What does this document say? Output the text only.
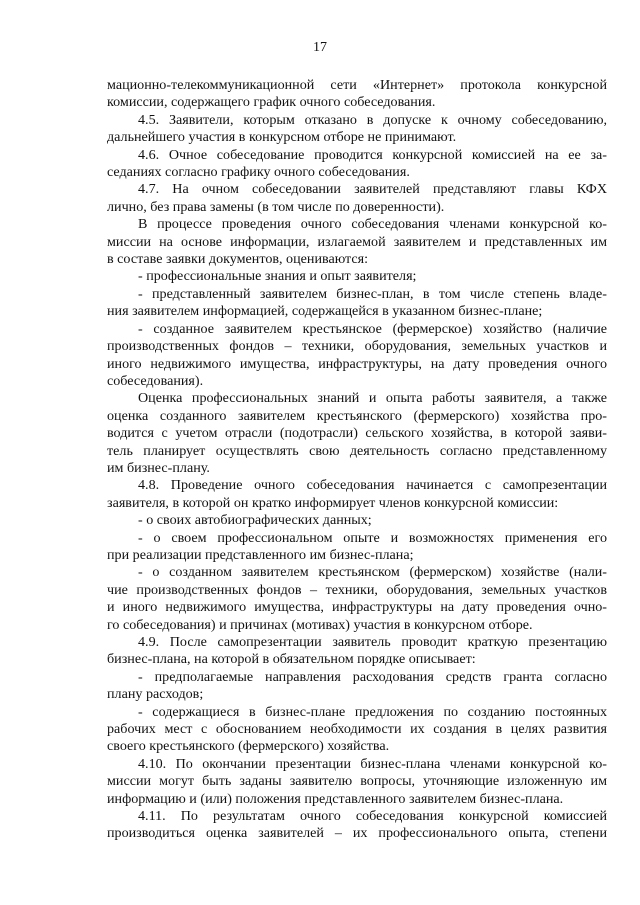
17
мационно-телекоммуникационной сети «Интернет» протокола конкурсной
комиссии, содержащего график очного собеседования.
4.5. Заявители, которым отказано в допуске к очному собеседованию,
дальнейшего участия в конкурсном отборе не принимают.
4.6. Очное собеседование проводится конкурсной комиссией на ее за-
седаниях согласно графику очного собеседования.
4.7. На очном собеседовании заявителей представляют главы КФХ
лично, без права замены (в том числе по доверенности).
В процессе проведения очного собеседования членами конкурсной ко-
миссии на основе информации, излагаемой заявителем и представленных им
в составе заявки документов, оцениваются:
- профессиональные знания и опыт заявителя;
- представленный заявителем бизнес-план, в том числе степень владе-
ния заявителем информацией, содержащейся в указанном бизнес-плане;
- созданное заявителем крестьянское (фермерское) хозяйство (наличие
производственных фондов – техники, оборудования, земельных участков и
иного недвижимого имущества, инфраструктуры, на дату проведения очного
собеседования).
Оценка профессиональных знаний и опыта работы заявителя, а также
оценка созданного заявителем крестьянского (фермерского) хозяйства про-
водится с учетом отрасли (подотрасли) сельского хозяйства, в которой заяви-
тель планирует осуществлять свою деятельность согласно представленному
им бизнес-плану.
4.8. Проведение очного собеседования начинается с самопрезентации
заявителя, в которой он кратко информирует членов конкурсной комиссии:
- о своих автобиографических данных;
- о своем профессиональном опыте и возможностях применения его
при реализации представленного им бизнес-плана;
- о созданном заявителем крестьянском (фермерском) хозяйстве (нали-
чие производственных фондов – техники, оборудования, земельных участков
и иного недвижимого имущества, инфраструктуры на дату проведения очно-
го собеседования) и причинах (мотивах) участия в конкурсном отборе.
4.9. После самопрезентации заявитель проводит краткую презентацию
бизнес-плана, на которой в обязательном порядке описывает:
- предполагаемые направления расходования средств гранта согласно
плану расходов;
- содержащиеся в бизнес-плане предложения по созданию постоянных
рабочих мест с обоснованием необходимости их создания в целях развития
своего крестьянского (фермерского) хозяйства.
4.10. По окончании презентации бизнес-плана членами конкурсной ко-
миссии могут быть заданы заявителю вопросы, уточняющие изложенную им
информацию и (или) положения представленного заявителем бизнес-плана.
4.11. По результатам очного собеседования конкурсной комиссией
производиться оценка заявителей – их профессионального опыта, степени
